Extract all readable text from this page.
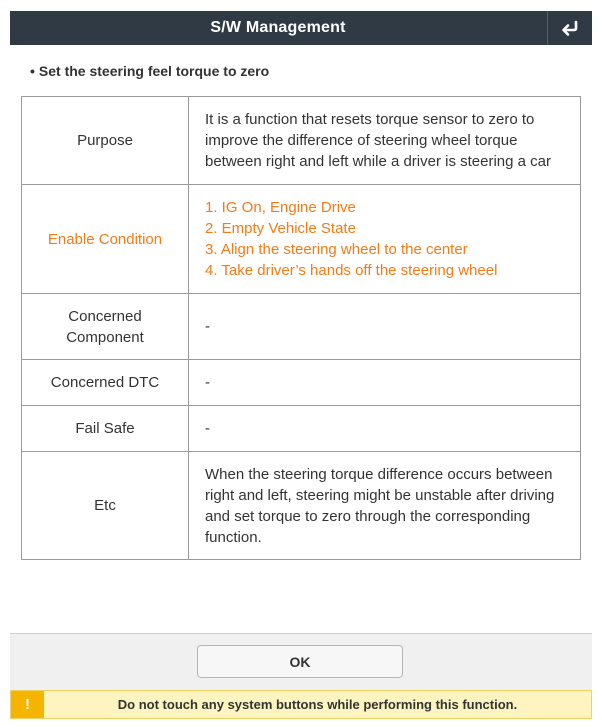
S/W Management
• Set the steering feel torque to zero
Purpose	It is a function that resets torque sensor to zero to improve the difference of steering wheel torque between right and left while a driver is steering a car
Enable Condition	1. IG On, Engine Drive
2. Empty Vehicle State
3. Align the steering wheel to the center
4. Take driver’s hands off the steering wheel

Concerned Component	-
Concerned DTC	-
Fail Safe	-
Etc	When the steering torque difference occurs between right and left, steering might be unstable after driving and set torque to zero through the corresponding function.
OK
!	Do not touch any system buttons while performing this function.
